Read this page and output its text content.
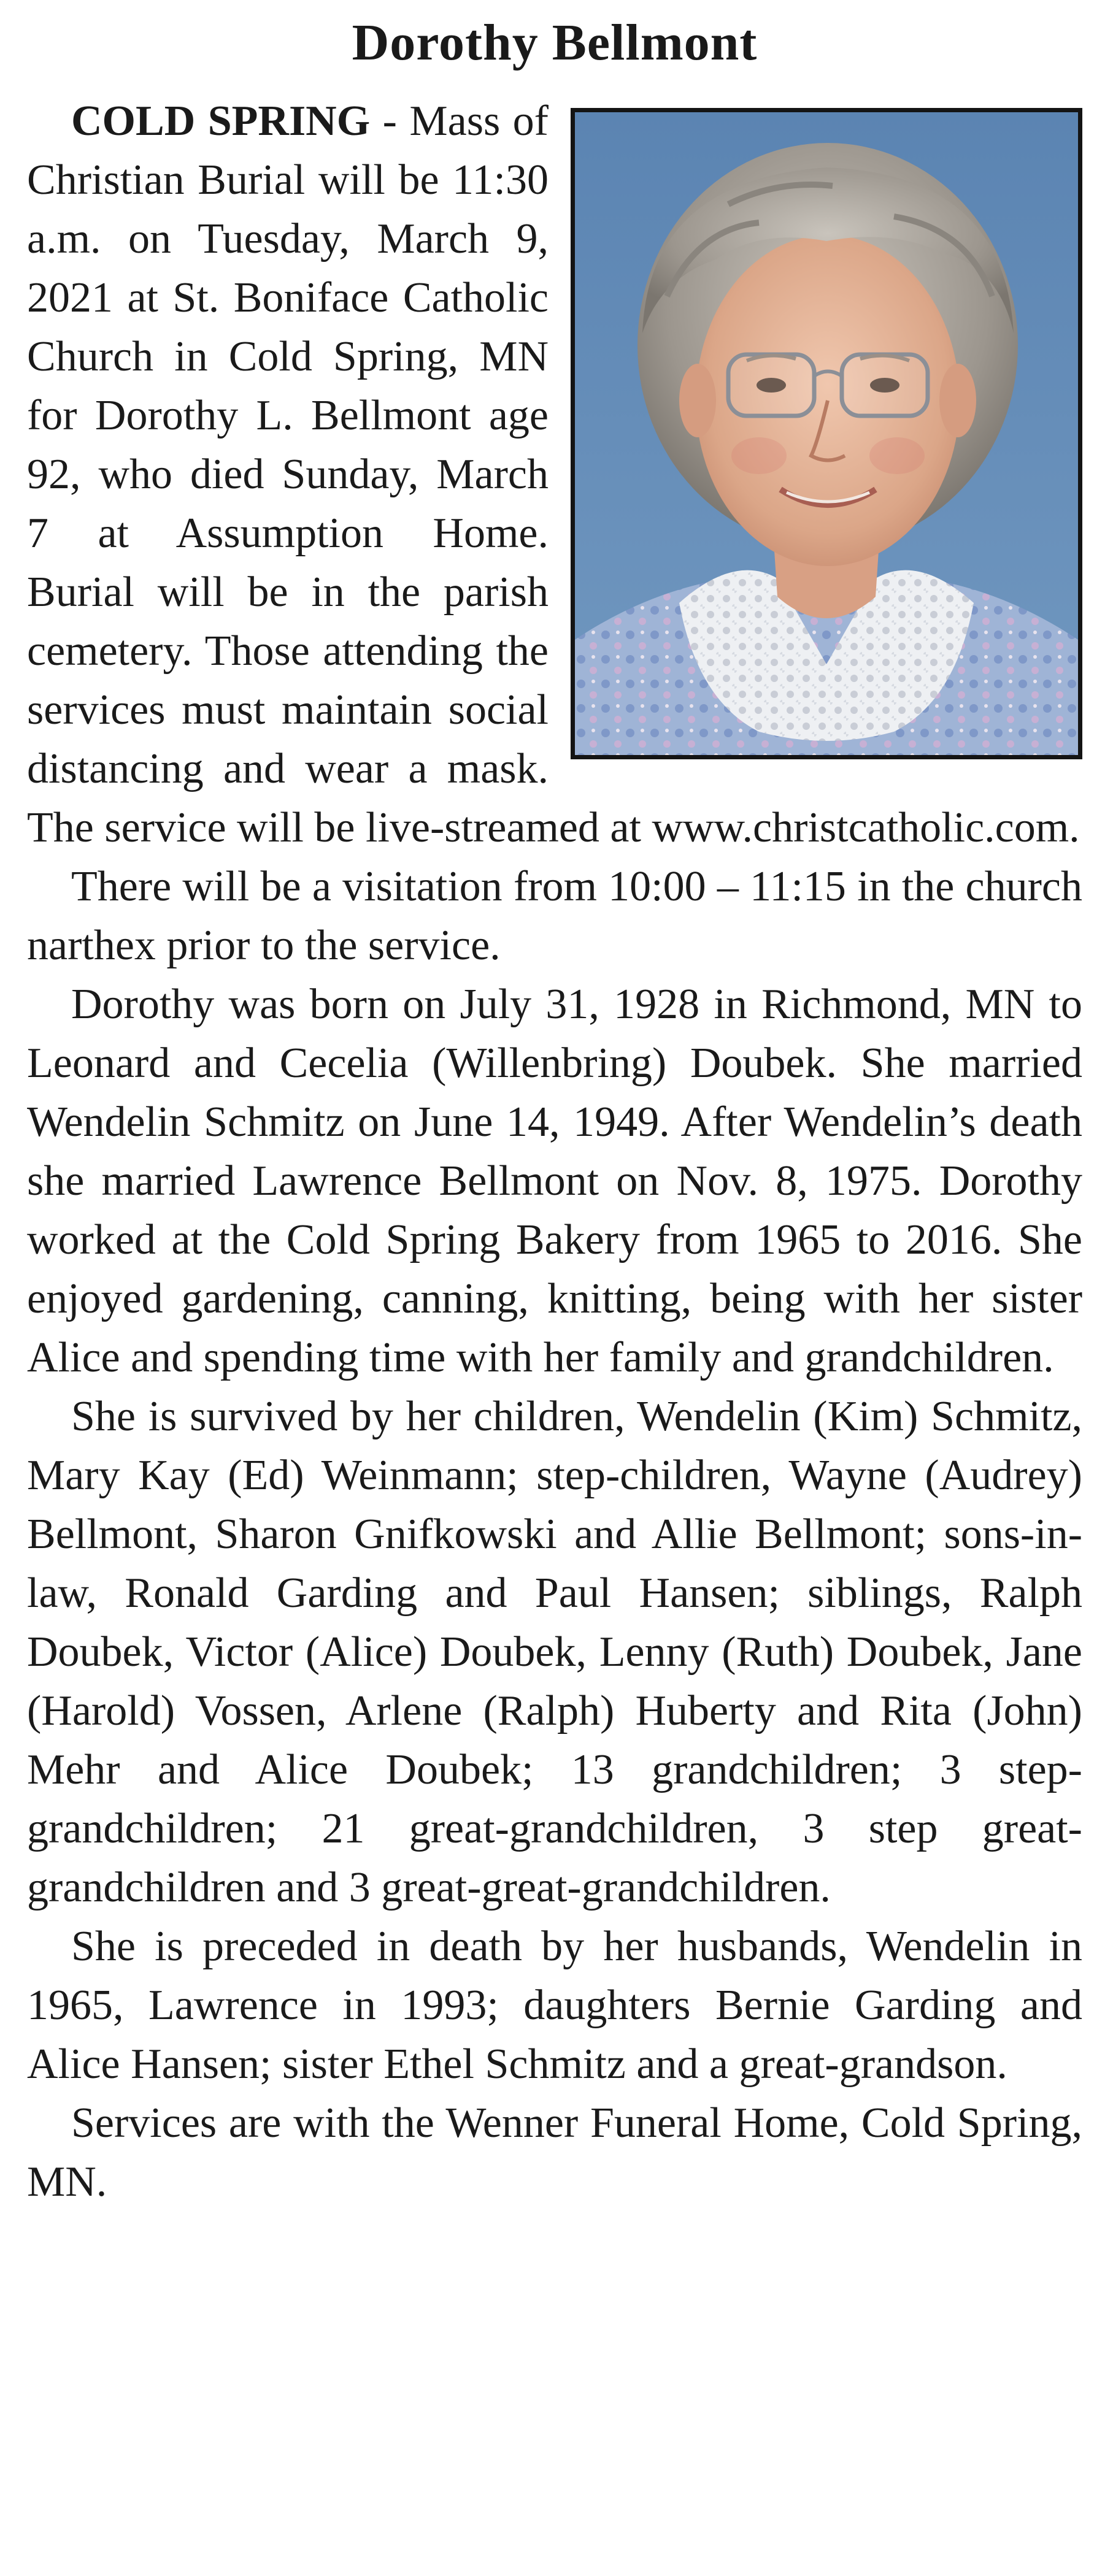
Dorothy Bellmont

COLD SPRING - Mass of Christian Burial will be 11:30 a.m. on Tuesday, March 9, 2021 at St. Boniface Catholic Church in Cold Spring, MN for Dorothy L. Bellmont age 92, who died Sunday, March 7 at Assumption Home. Burial will be in the parish cemetery. Those attending the services must maintain social distancing and wear a mask. The service will be live-streamed at www.christcatholic.com.

There will be a visitation from 10:00 – 11:15 in the church narthex prior to the service.

Dorothy was born on July 31, 1928 in Richmond, MN to Leonard and Cecelia (Willenbring) Doubek. She married Wendelin Schmitz on June 14, 1949. After Wendelin’s death she married Lawrence Bellmont on Nov. 8, 1975. Dorothy worked at the Cold Spring Bakery from 1965 to 2016. She enjoyed gardening, canning, knitting, being with her sister Alice and spending time with her family and grandchildren.

She is survived by her children, Wendelin (Kim) Schmitz, Mary Kay (Ed) Weinmann; step-children, Wayne (Audrey) Bellmont, Sharon Gnifkowski and Allie Bellmont; sons-in-law, Ronald Garding and Paul Hansen; siblings, Ralph Doubek, Victor (Alice) Doubek, Lenny (Ruth) Doubek, Jane (Harold) Vossen, Arlene (Ralph) Huberty and Rita (John) Mehr and Alice Doubek; 13 grandchildren; 3 step-grandchildren; 21 great-grandchildren, 3 step great-grandchildren and 3 great-great-grandchildren.

She is preceded in death by her husbands, Wendelin in 1965, Lawrence in 1993; daughters Bernie Garding and Alice Hansen; sister Ethel Schmitz and a great-grandson.

Services are with the Wenner Funeral Home, Cold Spring, MN.
